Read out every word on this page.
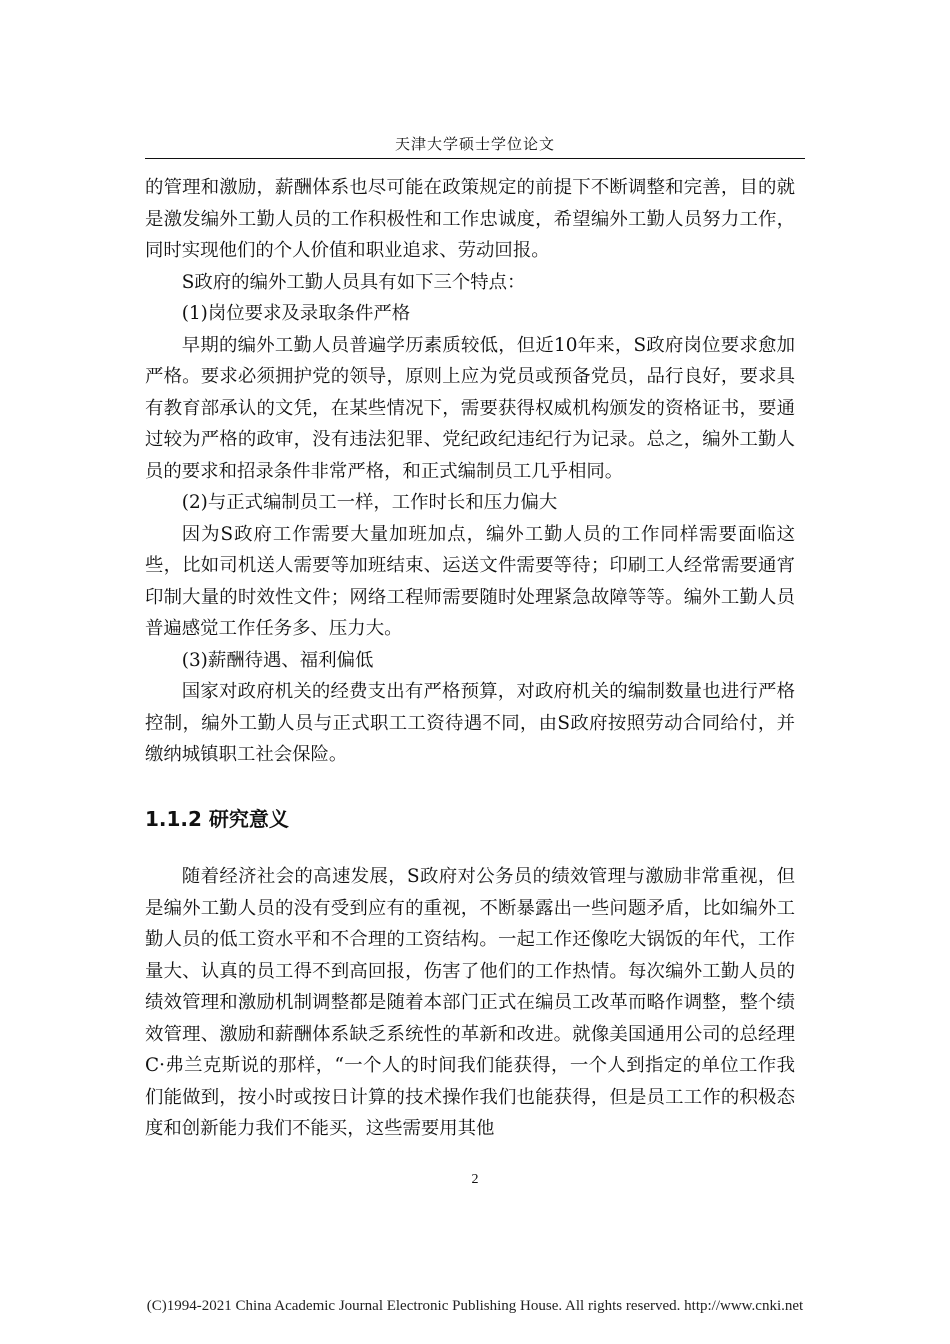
天津大学硕士学位论文

的管理和激励，薪酬体系也尽可能在政策规定的前提下不断调整和完善，目的就是激发编外工勤人员的工作积极性和工作忠诚度，希望编外工勤人员努力工作，同时实现他们的个人价值和职业追求、劳动回报。

S政府的编外工勤人员具有如下三个特点：

(1)岗位要求及录取条件严格

早期的编外工勤人员普遍学历素质较低，但近10年来，S政府岗位要求愈加严格。要求必须拥护党的领导，原则上应为党员或预备党员，品行良好，要求具有教育部承认的文凭，在某些情况下，需要获得权威机构颁发的资格证书，要通过较为严格的政审，没有违法犯罪、党纪政纪违纪行为记录。总之，编外工勤人员的要求和招录条件非常严格，和正式编制员工几乎相同。

(2)与正式编制员工一样，工作时长和压力偏大

因为S政府工作需要大量加班加点，编外工勤人员的工作同样需要面临这些，比如司机送人需要等加班结束、运送文件需要等待；印刷工人经常需要通宵印制大量的时效性文件；网络工程师需要随时处理紧急故障等等。编外工勤人员普遍感觉工作任务多、压力大。

(3)薪酬待遇、福利偏低

国家对政府机关的经费支出有严格预算，对政府机关的编制数量也进行严格控制，编外工勤人员与正式职工工资待遇不同，由S政府按照劳动合同给付，并缴纳城镇职工社会保险。

1.1.2 研究意义

随着经济社会的高速发展，S政府对公务员的绩效管理与激励非常重视，但是编外工勤人员的没有受到应有的重视，不断暴露出一些问题矛盾，比如编外工勤人员的低工资水平和不合理的工资结构。一起工作还像吃大锅饭的年代，工作量大、认真的员工得不到高回报，伤害了他们的工作热情。每次编外工勤人员的绩效管理和激励机制调整都是随着本部门正式在编员工改革而略作调整，整个绩效管理、激励和薪酬体系缺乏系统性的革新和改进。就像美国通用公司的总经理C·弗兰克斯说的那样，“一个人的时间我们能获得，一个人到指定的单位工作我们能做到，按小时或按日计算的技术操作我们也能获得，但是员工工作的积极态度和创新能力我们不能买，这些需要用其他

2
(C)1994-2021 China Academic Journal Electronic Publishing House. All rights reserved. http://www.cnki.net
